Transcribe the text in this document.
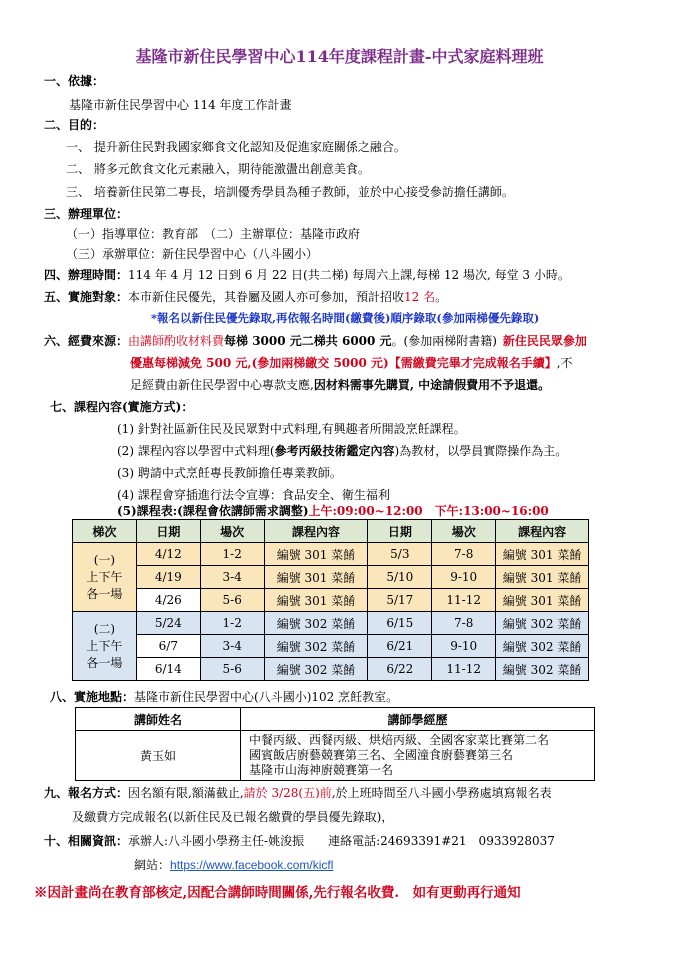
基隆市新住民學習中心114年度課程計畫-中式家庭料理班
一、依據：
基隆市新住民學習中心 114 年度工作計畫
二、目的：
一、 提升新住民對我國家鄉食文化認知及促進家庭關係之融合。
二、 將多元飲食文化元素融入，期待能激盪出創意美食。
三、 培養新住民第二專長，培訓優秀學員為種子教師，並於中心接受參訪擔任講師。
三、辦理單位：
（一）指導單位：教育部　（二）主辦單位：基隆市政府
（三）承辦單位：新住民學習中心（八斗國小）
四、辦理時間：114 年 4 月 12 日到 6 月 22 日(共二梯) 每周六上課,每梯 12 場次, 每堂 3 小時。
五、實施對象：本市新住民優先，其眷屬及國人亦可參加，預計招收12 名。
*報名以新住民優先錄取,再依報名時間(繳費後)順序錄取(參加兩梯優先錄取)
六、經費來源：由講師酌收材料費每梯 3000 元二梯共 6000 元。(參加兩梯附書籍) 新住民民眾參加
優惠每梯減免 500 元,(參加兩梯繳交 5000 元)【需繳費完畢才完成報名手續】,不
足經費由新住民學習中心專款支應,因材料需事先購買, 中途請假費用不予退還。
七、課程內容(實施方式)：
(1) 針對社區新住民及民眾對中式料理,有興趣者所開設烹飪課程。
(2) 課程內容以學習中式料理(參考丙級技術鑑定內容)為教材，以學員實際操作為主。
(3) 聘請中式烹飪專長教師擔任專業教師。
(4) 課程會穿插進行法令宣導：食品安全、衛生福利
(5)課程表:(課程會依講師需求調整)上午:09:00~12:00　下午:13:00~16:00
梯次	日期	場次	課程內容	日期	場次	課程內容
(一)
上下午
各一場	4/12	1-2	編號 301 菜餚	5/3	7-8	編號 301 菜餚
	4/19	3-4	編號 301 菜餚	5/10	9-10	編號 301 菜餚
	4/26	5-6	編號 301 菜餚	5/17	11-12	編號 301 菜餚
(二)
上下午
各一場	5/24	1-2	編號 302 菜餚	6/15	7-8	編號 302 菜餚
	6/7	3-4	編號 302 菜餚	6/21	9-10	編號 302 菜餚
	6/14	5-6	編號 302 菜餚	6/22	11-12	編號 302 菜餚
八、實施地點：基隆市新住民學習中心(八斗國小)102 烹飪教室。
講師姓名	講師學經歷
黃玉如	中餐丙級、西餐丙級、烘焙丙級、全國客家菜比賽第二名
國賓飯店廚藝競賽第三名、全國潼食廚藝賽第三名
基隆市山海神廚競賽第一名
九、報名方式：因名額有限,額滿截止,請於 3/28(五)前,於上班時間至八斗國小學務處填寫報名表
及繳費方完成報名(以新住民及已報名繳費的學員優先錄取)，
十、相關資訊：承辦人:八斗國小學務主任-姚浚振　　連絡電話:24693391#21　0933928037
網站：https://www.facebook.com/kicfl
※因計畫尚在教育部核定,因配合講師時間關係,先行報名收費.　如有更動再行通知
